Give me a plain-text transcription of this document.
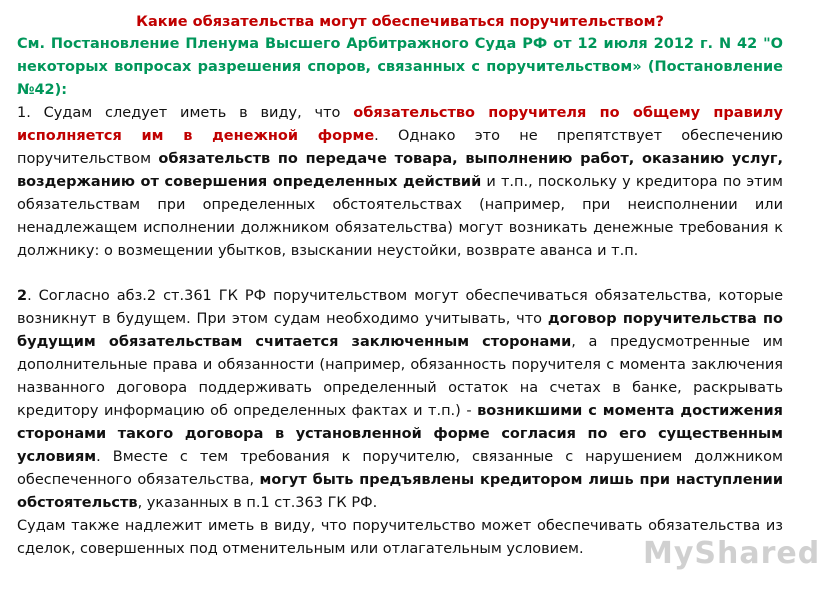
Какие обязательства могут обеспечиваться поручительством?

См. Постановление Пленума Высшего Арбитражного Суда РФ от 12 июля 2012 г. N 42 "О некоторых вопросах разрешения споров, связанных с поручительством» (Постановление №42):

1. Судам следует иметь в виду, что обязательство поручителя по общему правилу исполняется им в денежной форме. Однако это не препятствует обеспечению поручительством обязательств по передаче товара, выполнению работ, оказанию услуг, воздержанию от совершения определенных действий и т.п., поскольку у кредитора по этим обязательствам при определенных обстоятельствах (например, при неисполнении или ненадлежащем исполнении должником обязательства) могут возникать денежные требования к должнику: о возмещении убытков, взыскании неустойки, возврате аванса и т.п.

2. Согласно абз.2 ст.361 ГК РФ поручительством могут обеспечиваться обязательства, которые возникнут в будущем. При этом судам необходимо учитывать, что договор поручительства по будущим обязательствам считается заключенным сторонами, а предусмотренные им дополнительные права и обязанности (например, обязанность поручителя с момента заключения названного договора поддерживать определенный остаток на счетах в банке, раскрывать кредитору информацию об определенных фактах и т.п.) - возникшими с момента достижения сторонами такого договора в установленной форме согласия по его существенным условиям. Вместе с тем требования к поручителю, связанные с нарушением должником обеспеченного обязательства, могут быть предъявлены кредитором лишь при наступлении обстоятельств, указанных в п.1 ст.363 ГК РФ.

Судам также надлежит иметь в виду, что поручительство может обеспечивать обязательства из сделок, совершенных под отменительным или отлагательным условием.	MyShared
